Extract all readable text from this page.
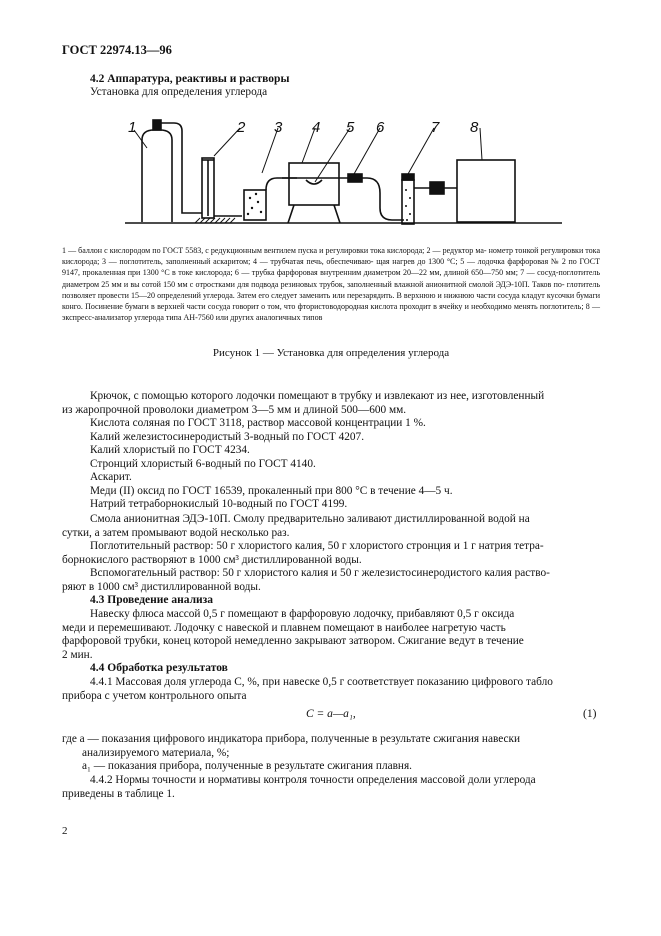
ГОСТ 22974.13—96
4.2 Аппаратура, реактивы и растворы
Установка для определения углерода
1	2 3 4 5 6	7 8
1 — баллон с кислородом по ГОСТ 5583, с редукционным вентилем пуска и регулировки тока кислорода; 2 — редуктор ма- нометр тонкой регулировки тока кислорода; 3 — поглотитель, заполненный аскаритом; 4 — трубчатая печь, обеспечиваю- щая нагрев до 1300 °С; 5 — лодочка фарфоровая № 2 по ГОСТ 9147, прокаленная при 1300 °С в токе кислорода; 6 — трубка фарфоровая внутренним диаметром 20—22 мм, длиной 650—750 мм; 7 — сосуд-поглотитель диаметром 25 мм и вы сотой 150 мм с отростками для подвода резиновых трубок, заполненный влажной анионитной смолой ЭДЭ-10П. Таков по- глотитель позволяет провести 15—20 определений углерода. Затем его следует заменить или перезарядить. В верхнюю и нижнюю части сосуда кладут кусочки бумаги конго. Посинение бумаги в верхней части сосуда говорит о том, что фтористоводородная кислота проходит в ячейку и необходимо менять поглотитель; 8 — экспресс-анализатор углерода типа АН-7560 или других аналогичных типов
Рисунок 1 — Установка для определения углерода
Крючок, с помощью которого лодочки помещают в трубку и извлекают из нее, изготовленный
из жаропрочной проволоки диаметром 3—5 мм и длиной 500—600 мм.
Кислота соляная по ГОСТ 3118, раствор массовой концентрации 1 %.
Калий железистосинеродистый 3-водный по ГОСТ 4207.
Калий хлористый по ГОСТ 4234.
Стронций хлористый 6-водный по ГОСТ 4140.
Аскарит.
Меди (II) оксид по ГОСТ 16539, прокаленный при 800 °С в течение 4—5 ч.
Натрий тетраборнокислый 10-водный по ГОСТ 4199.
Смола анионитная ЭДЭ-10П. Смолу предварительно заливают дистиллированной водой на
сутки, а затем промывают водой несколько раз.
Поглотительный раствор: 50 г хлористого калия, 50 г хлористого стронция и 1 г натрия тетра-
борнокислого растворяют в 1000 см³ дистиллированной воды.
Вспомогательный раствор: 50 г хлористого калия и 50 г железистосинеродистого калия раство-
ряют в 1000 см³ дистиллированной воды.
4.3 Проведение анализа
Навеску флюса массой 0,5 г помещают в фарфоровую лодочку, прибавляют 0,5 г оксида
меди и перемешивают. Лодочку с навеской и плавнем помещают в наиболее нагретую часть
фарфоровой трубки, конец которой немедленно закрывают затвором. Сжигание ведут в течение
2 мин.
4.4 Обработка результатов
4.4.1 Массовая доля углерода C, %, при навеске 0,5 г соответствует показанию цифрового табло
прибора с учетом контрольного опыта
C = a—a₁,	(1)
где a — показания цифрового индикатора прибора, полученные в результате сжигания навески
анализируемого материала, %;
a₁ — показания прибора, полученные в результате сжигания плавня.
4.4.2 Нормы точности и нормативы контроля точности определения массовой доли углерода
приведены в таблице 1.
2
